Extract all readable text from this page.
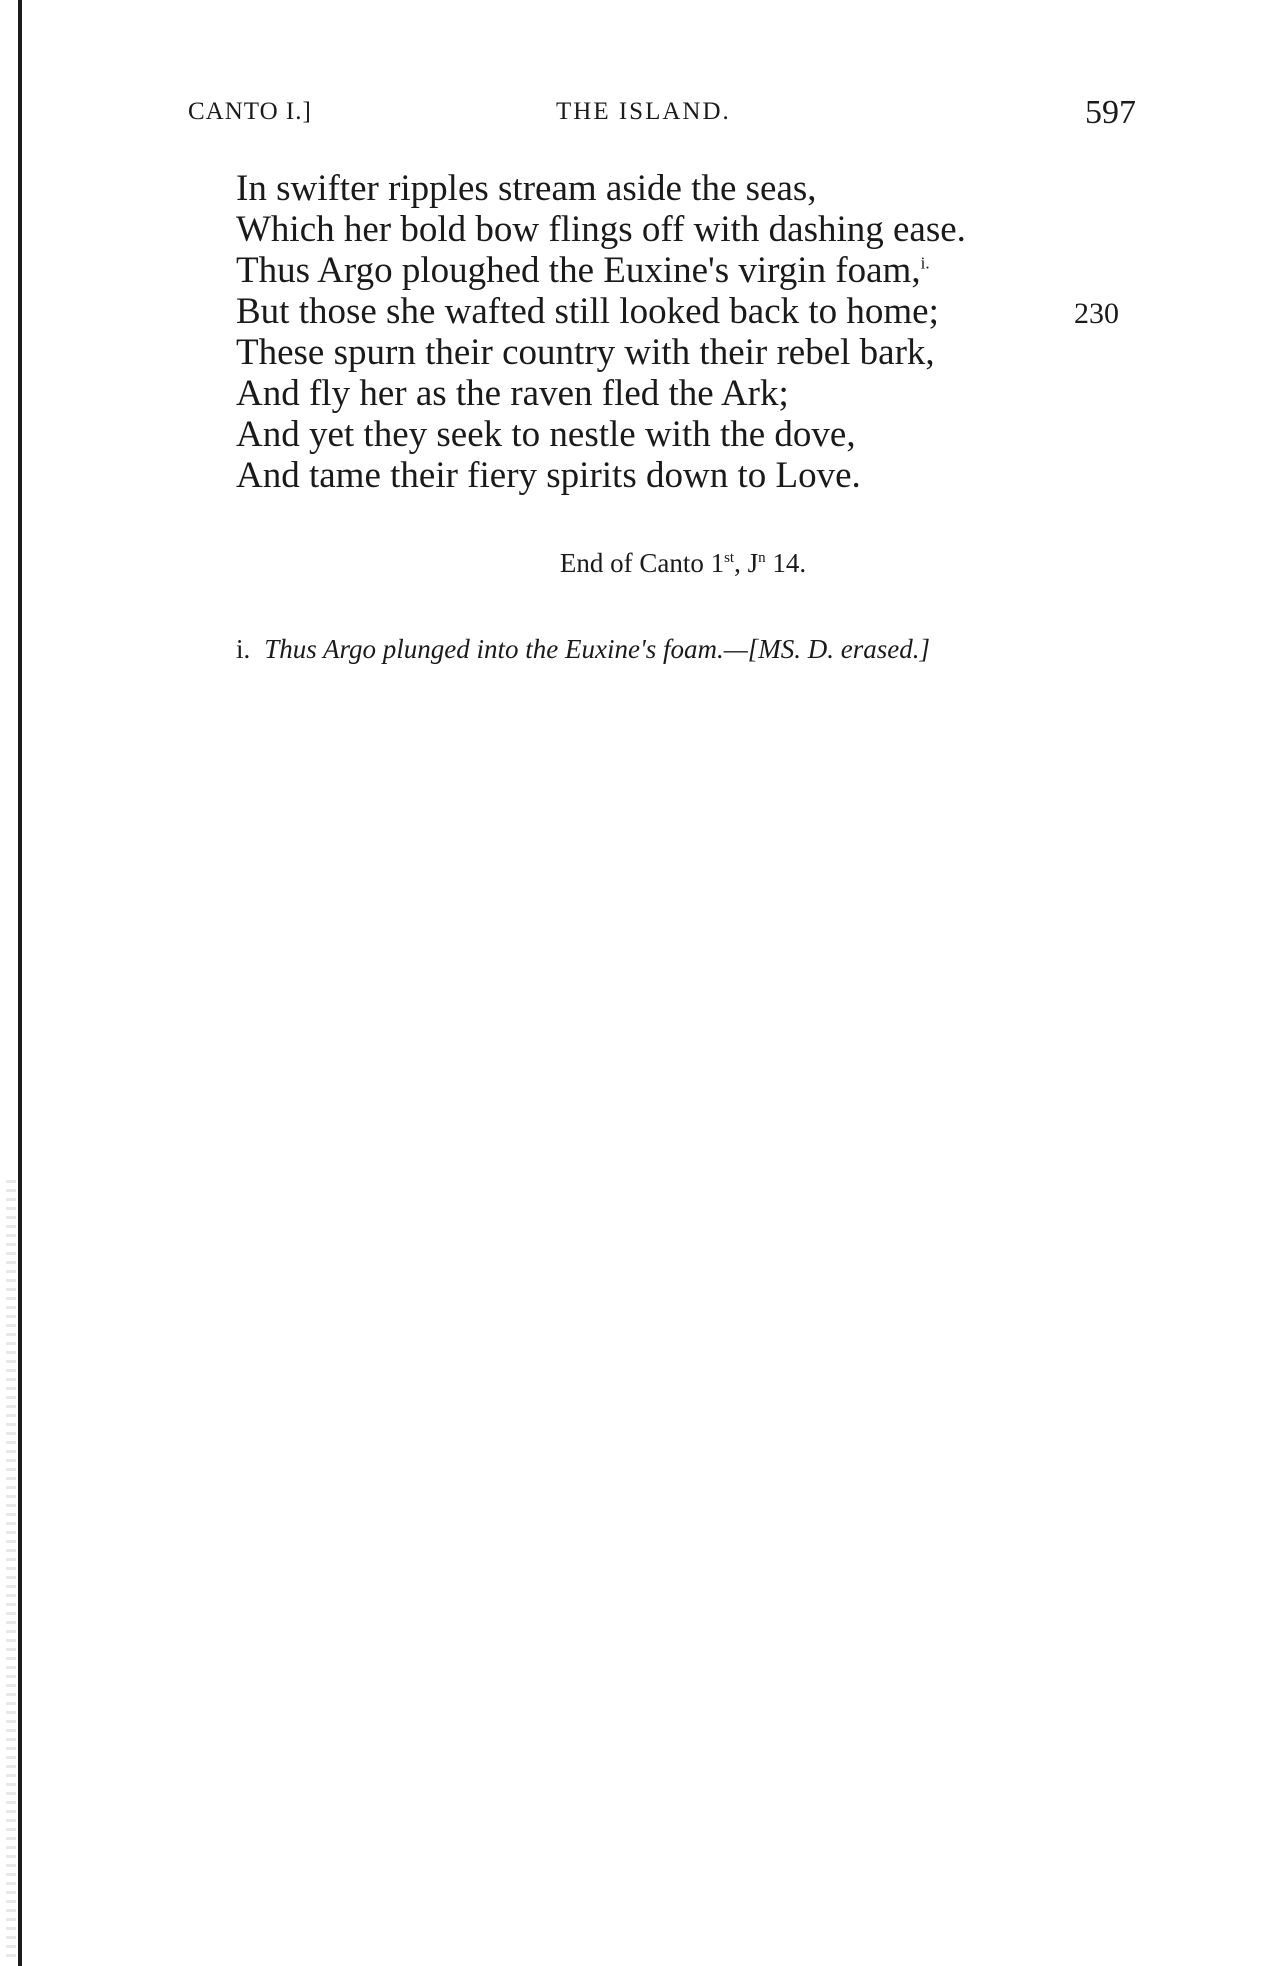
CANTO I.]	THE ISLAND.	597
In swifter ripples stream aside the seas,
Which her bold bow flings off with dashing ease.
Thus Argo ploughed the Euxine's virgin foam,$^{i.}$
But those she wafted still looked back to home;	230
These spurn their country with their rebel bark,
And fly her as the raven fled the Ark;
And yet they seek to nestle with the dove,
And tame their fiery spirits down to Love.
End of Canto 1st, $J^n$ 14.
i. Thus Argo plunged into the Euxine's foam.—[MS. D. erased.]
